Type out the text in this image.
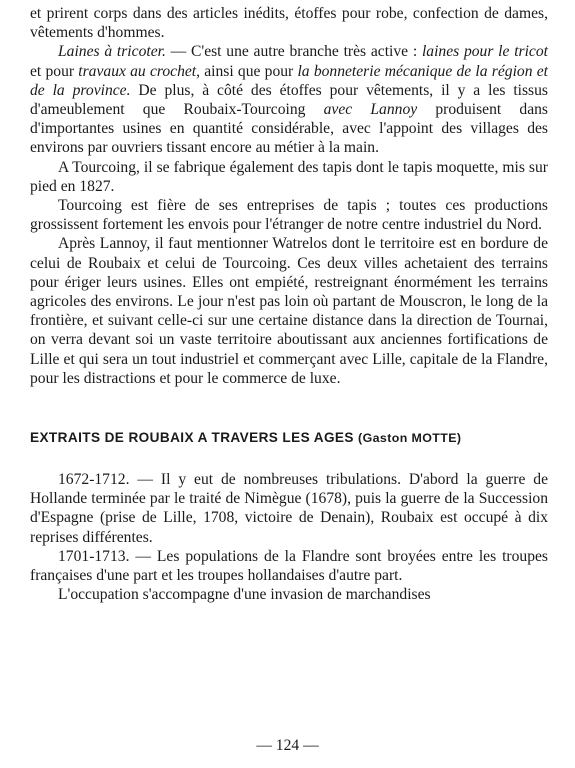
et prirent corps dans des articles inédits, étoffes pour robe, confection de dames, vêtements d'hommes.

Laines à tricoter. — C'est une autre branche très active : laines pour le tricot et pour travaux au crochet, ainsi que pour la bonneterie mécanique de la région et de la province. De plus, à côté des étoffes pour vêtements, il y a les tissus d'ameublement que Roubaix-Tourcoing avec Lannoy produisent dans d'importantes usines en quantité considérable, avec l'appoint des villages des environs par ouvriers tissant encore au métier à la main.

A Tourcoing, il se fabrique également des tapis dont le tapis moquette, mis sur pied en 1827.

Tourcoing est fière de ses entreprises de tapis ; toutes ces productions grossissent fortement les envois pour l'étranger de notre centre industriel du Nord.

Après Lannoy, il faut mentionner Watrelos dont le territoire est en bordure de celui de Roubaix et celui de Tourcoing. Ces deux villes achetaient des terrains pour ériger leurs usines. Elles ont empiété, restreignant énormément les terrains agricoles des environs. Le jour n'est pas loin où partant de Mouscron, le long de la frontière, et suivant celle-ci sur une certaine distance dans la direction de Tournai, on verra devant soi un vaste territoire aboutissant aux anciennes fortifications de Lille et qui sera un tout industriel et commerçant avec Lille, capitale de la Flandre, pour les distractions et pour le commerce de luxe.

EXTRAITS DE ROUBAIX A TRAVERS LES AGES (Gaston MOTTE)

1672-1712. — Il y eut de nombreuses tribulations. D'abord la guerre de Hollande terminée par le traité de Nimègue (1678), puis la guerre de la Succession d'Espagne (prise de Lille, 1708, victoire de Denain), Roubaix est occupé à dix reprises différentes.

1701-1713. — Les populations de la Flandre sont broyées entre les troupes françaises d'une part et les troupes hollandaises d'autre part.

L'occupation s'accompagne d'une invasion de marchandises

— 124 —
